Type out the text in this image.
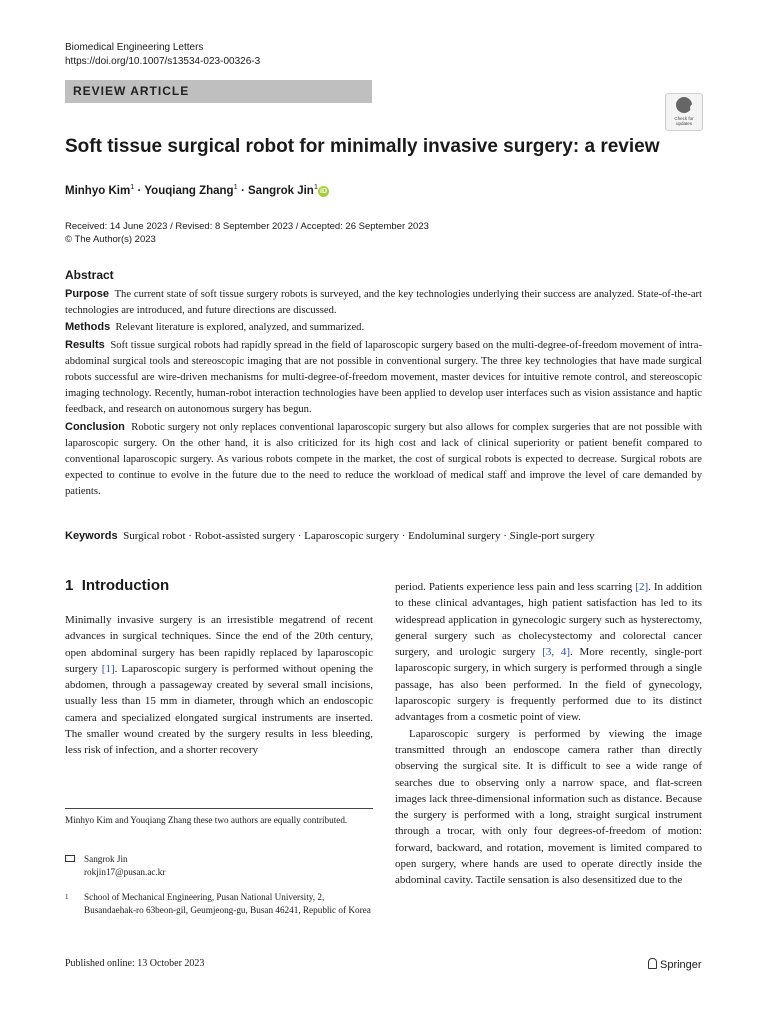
Biomedical Engineering Letters
https://doi.org/10.1007/s13534-023-00326-3
REVIEW ARTICLE
Check for updates
Soft tissue surgical robot for minimally invasive surgery: a review
Minhyo Kim$^1$ · Youqiang Zhang$^1$ · Sangrok Jin$^1$iD
Received: 14 June 2023 / Revised: 8 September 2023 / Accepted: 26 September 2023
© The Author(s) 2023
Abstract

Purpose The current state of soft tissue surgery robots is surveyed, and the key technologies underlying their success are analyzed. State-of-the-art technologies are introduced, and future directions are discussed.

Methods Relevant literature is explored, analyzed, and summarized.

Results Soft tissue surgical robots had rapidly spread in the field of laparoscopic surgery based on the multi-degree-of-freedom movement of intra-abdominal surgical tools and stereoscopic imaging that are not possible in conventional surgery. The three key technologies that have made surgical robots successful are wire-driven mechanisms for multi-degree-of-freedom movement, master devices for intuitive remote control, and stereoscopic imaging technology. Recently, human-robot interaction technologies have been applied to develop user interfaces such as vision assistance and haptic feedback, and research on autonomous surgery has begun.

Conclusion Robotic surgery not only replaces conventional laparoscopic surgery but also allows for complex surgeries that are not possible with laparoscopic surgery. On the other hand, it is also criticized for its high cost and lack of clinical superiority or patient benefit compared to conventional laparoscopic surgery. As various robots compete in the market, the cost of surgical robots is expected to decrease. Surgical robots are expected to continue to evolve in the future due to the need to reduce the workload of medical staff and improve the level of care demanded by patients.

Keywords Surgical robot · Robot-assisted surgery · Laparoscopic surgery · Endoluminal surgery · Single-port surgery
1 Introduction

Minimally invasive surgery is an irresistible megatrend of recent advances in surgical techniques. Since the end of the 20th century, open abdominal surgery has been rapidly replaced by laparoscopic surgery [1]. Laparoscopic surgery is performed without opening the abdomen, through a passageway created by several small incisions, usually less than 15 mm in diameter, through which an endoscopic camera and specialized elongated surgical instruments are inserted. The smaller wound created by the surgery results in less bleeding, less risk of infection, and a shorter recovery

period. Patients experience less pain and less scarring [2]. In addition to these clinical advantages, high patient satisfaction has led to its widespread application in gynecologic surgery such as hysterectomy, general surgery such as cholecystectomy and colorectal cancer surgery, and urologic surgery [3, 4]. More recently, single-port laparoscopic surgery, in which surgery is performed through a single passage, has also been performed. In the field of gynecology, laparoscopic surgery is frequently performed due to its distinct advantages from a cosmetic point of view.

Laparoscopic surgery is performed by viewing the image transmitted through an endoscope camera rather than directly observing the surgical site. It is difficult to see a wide range of searches due to observing only a narrow space, and flat-screen images lack three-dimensional information such as distance. Because the surgery is performed with a long, straight surgical instrument through a trocar, with only four degrees-of-freedom of motion: forward, backward, and rotation, movement is limited compared to open surgery, where hands are used to operate directly inside the abdominal cavity. Tactile sensation is also desensitized due to the

Minhyo Kim and Youqiang Zhang these two authors are equally contributed.
Sangrok Jin
rokjin17@pusan.ac.kr
1 School of Mechanical Engineering, Pusan National University, 2, Busandaehak-ro 63beon-gil, Geumjeong-gu, Busan 46241, Republic of Korea
Published online: 13 October 2023	Springer
